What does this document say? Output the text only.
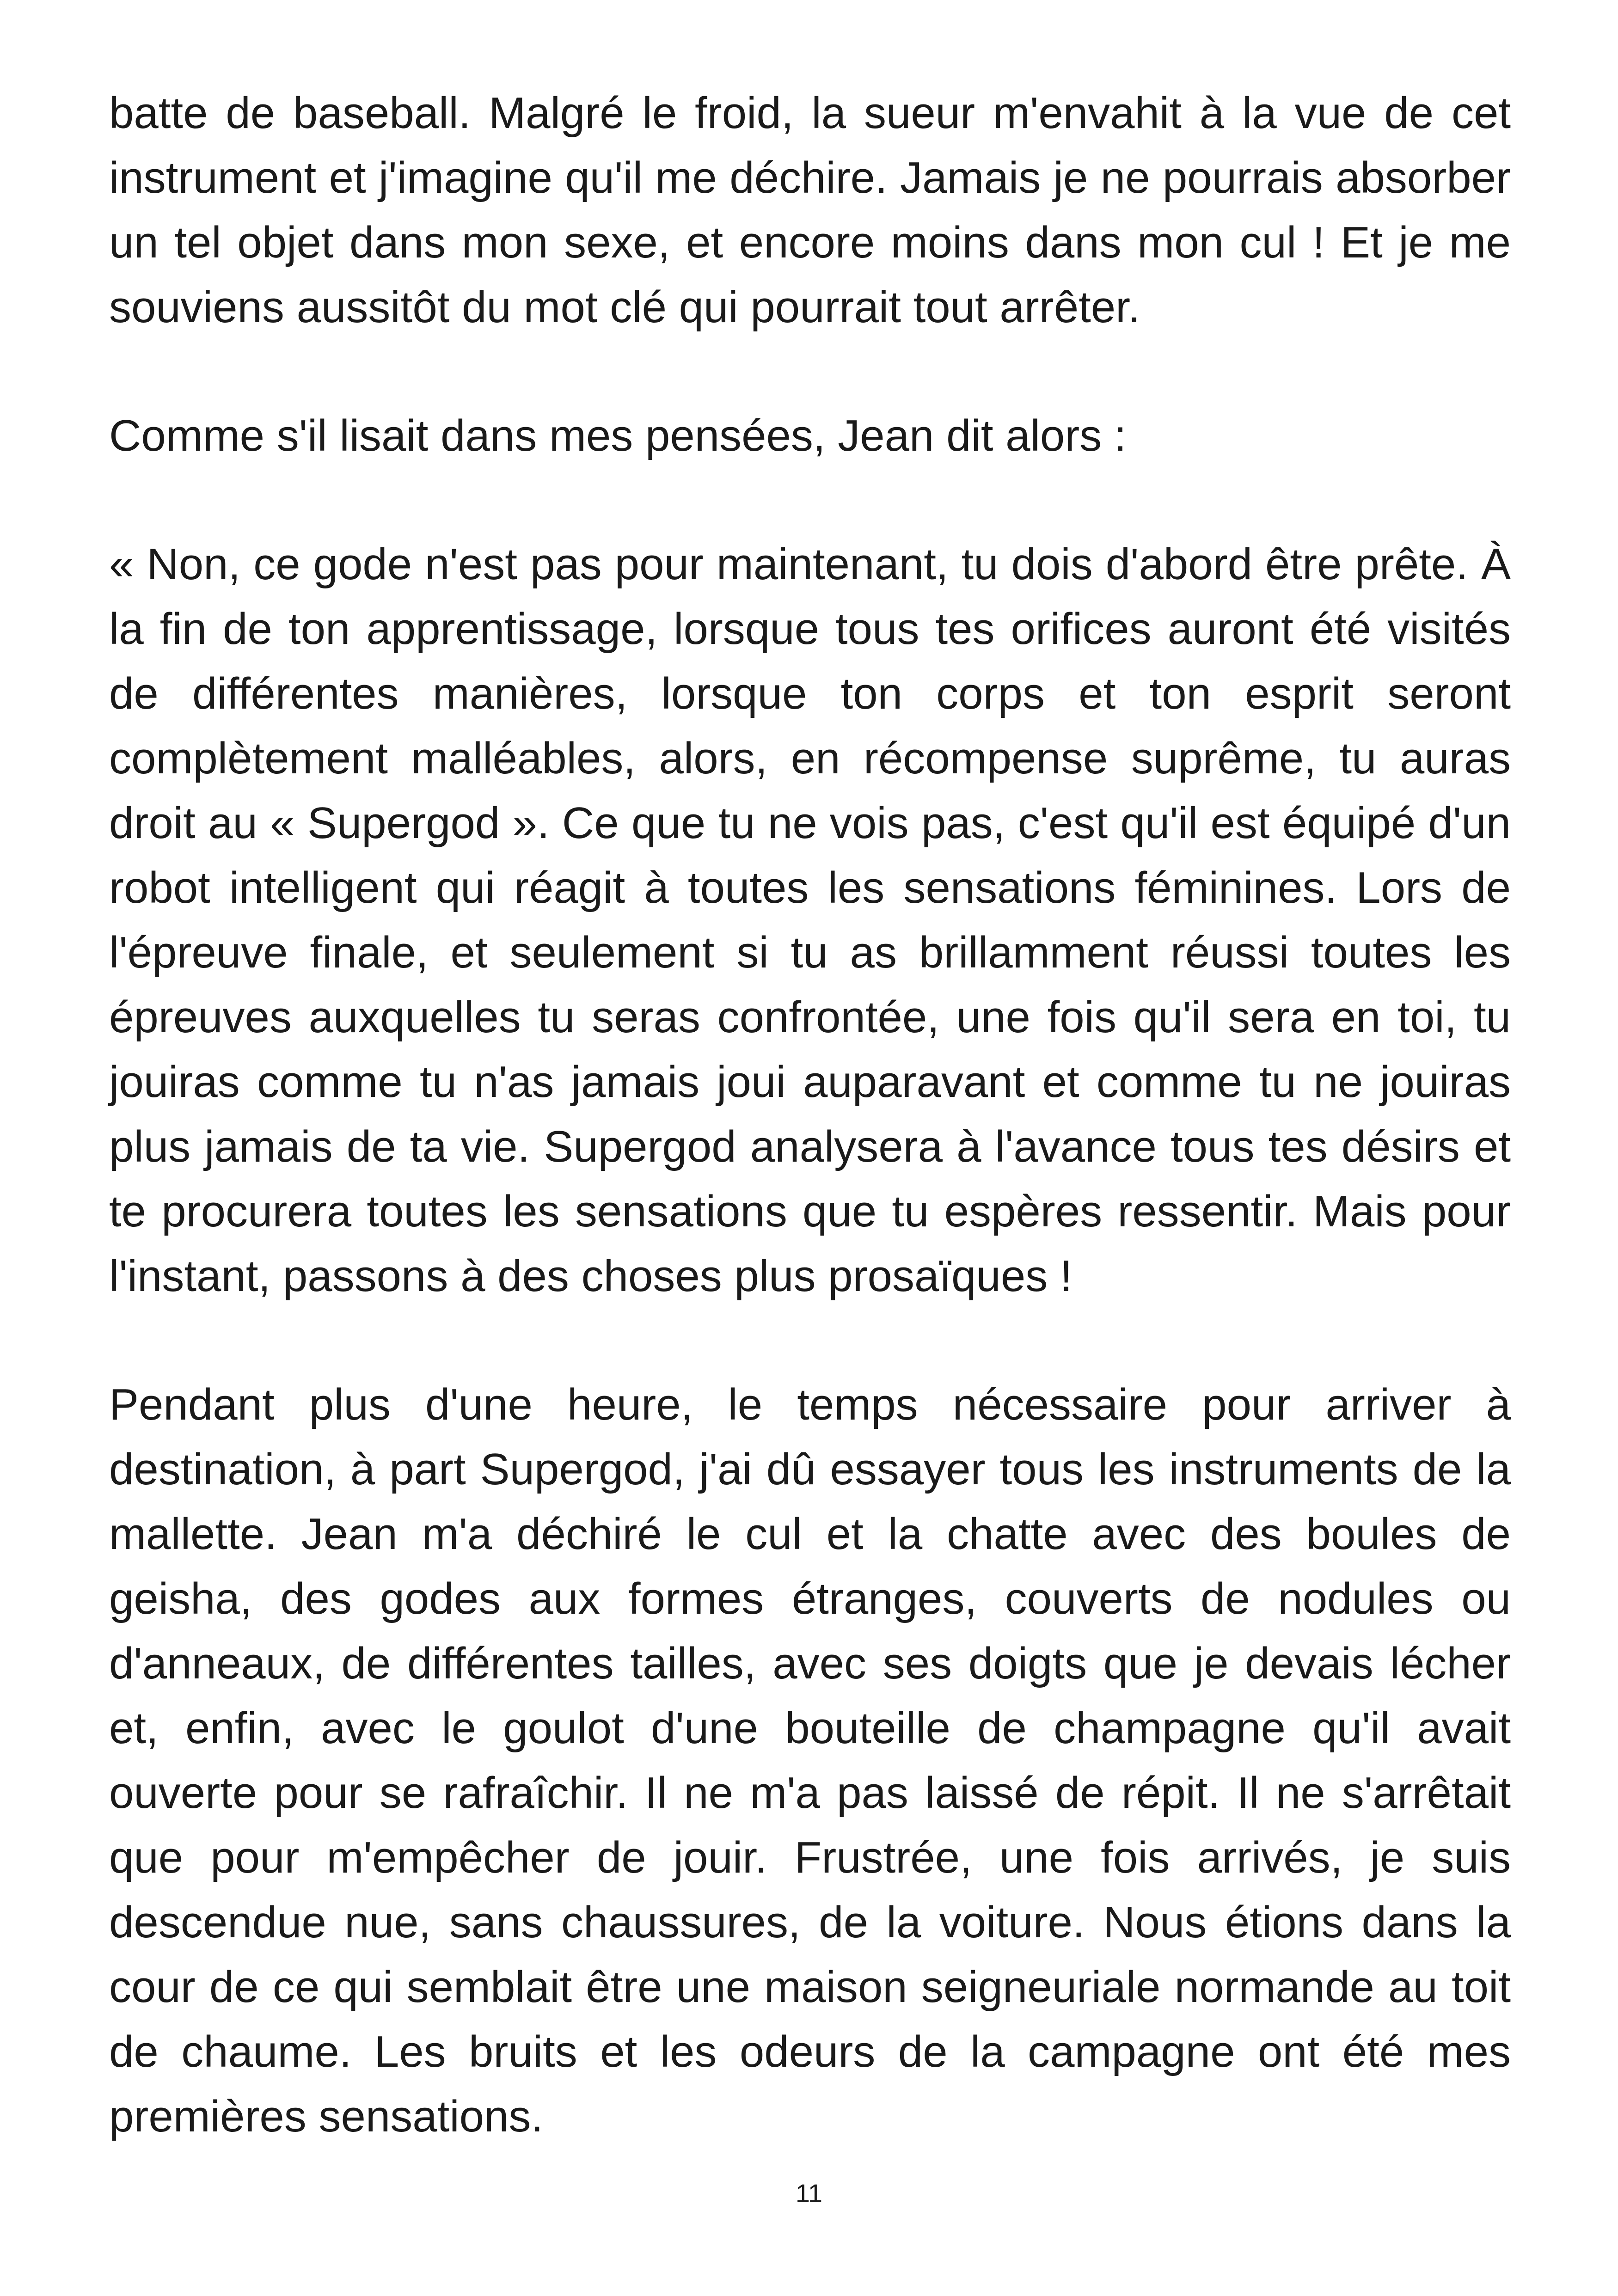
batte de baseball. Malgré le froid, la sueur m'envahit à la vue de cet instrument et j'imagine qu'il me déchire. Jamais je ne pourrais absorber un tel objet dans mon sexe, et encore moins dans mon cul ! Et je me souviens aussitôt du mot clé qui pourrait tout arrêter.

Comme s'il lisait dans mes pensées, Jean dit alors :

« Non, ce gode n'est pas pour maintenant, tu dois d'abord être prête. À la fin de ton apprentissage, lorsque tous tes orifices auront été visités de différentes manières, lorsque ton corps et ton esprit seront complètement malléables, alors, en récompense suprême, tu auras droit au « Supergod ». Ce que tu ne vois pas, c'est qu'il est équipé d'un robot intelligent qui réagit à toutes les sensations féminines. Lors de l'épreuve finale, et seulement si tu as brillamment réussi toutes les épreuves auxquelles tu seras confrontée, une fois qu'il sera en toi, tu jouiras comme tu n'as jamais joui auparavant et comme tu ne jouiras plus jamais de ta vie. Supergod analysera à l'avance tous tes désirs et te procurera toutes les sensations que tu espères ressentir. Mais pour l'instant, passons à des choses plus prosaïques !

Pendant plus d'une heure, le temps nécessaire pour arriver à destination, à part Supergod, j'ai dû essayer tous les instruments de la mallette. Jean m'a déchiré le cul et la chatte avec des boules de geisha, des godes aux formes étranges, couverts de nodules ou d'anneaux, de différentes tailles, avec ses doigts que je devais lécher et, enfin, avec le goulot d'une bouteille de champagne qu'il avait ouverte pour se rafraîchir. Il ne m'a pas laissé de répit. Il ne s'arrêtait que pour m'empêcher de jouir. Frustrée, une fois arrivés, je suis descendue nue, sans chaussures, de la voiture. Nous étions dans la cour de ce qui semblait être une maison seigneuriale normande au toit de chaume. Les bruits et les odeurs de la campagne ont été mes premières sensations.

11
